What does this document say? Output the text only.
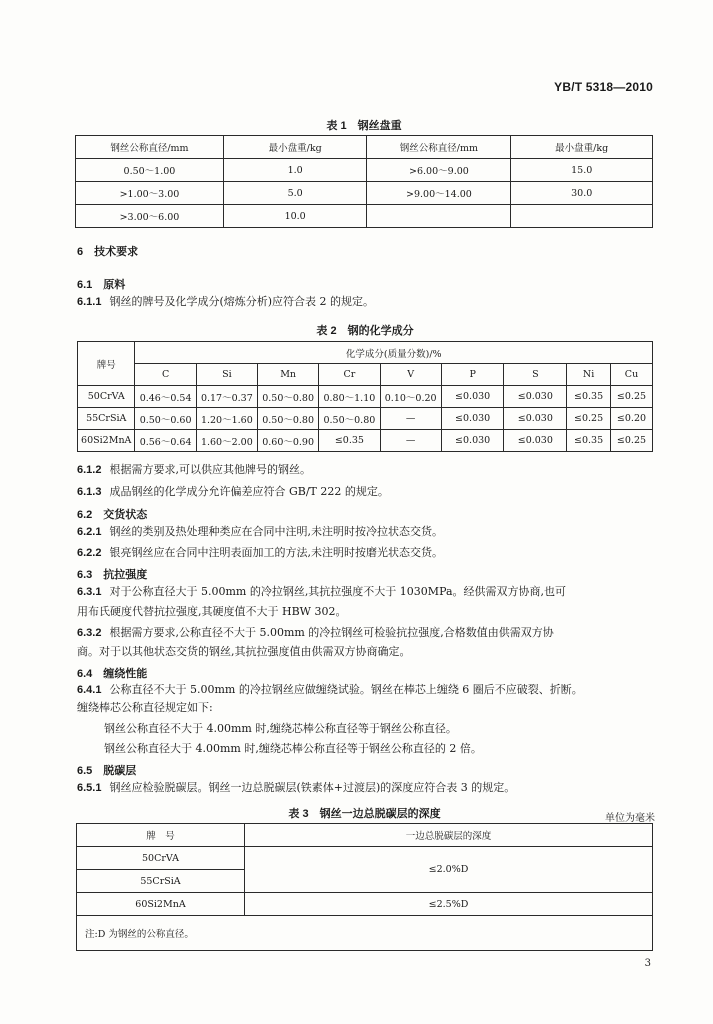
YB/T 5318—2010
表 1　钢丝盘重
钢丝公称直径/mm	最小盘重/kg	钢丝公称直径/mm	最小盘重/kg
0.50～1.00	1.0	>6.00～9.00	15.0
>1.00～3.00	5.0	>9.00～14.00	30.0
>3.00～6.00	10.0		
6　技术要求
6.1　原料
6.1.1 钢丝的牌号及化学成分(熔炼分析)应符合表 2 的规定。
表 2　钢的化学成分
牌号	化学成分(质量分数)/%								
	C	Si	Mn	Cr	V	P	S	Ni	Cu
50CrVA	0.46～0.54	0.17～0.37	0.50～0.80	0.80～1.10	0.10～0.20	≤0.030	≤0.030	≤0.35	≤0.25
55CrSiA	0.50～0.60	1.20～1.60	0.50～0.80	0.50～0.80	—	≤0.030	≤0.030	≤0.25	≤0.20
60Si2MnA	0.56～0.64	1.60～2.00	0.60～0.90	≤0.35	—	≤0.030	≤0.030	≤0.35	≤0.25
6.1.2 根据需方要求,可以供应其他牌号的钢丝。
6.1.3 成品钢丝的化学成分允许偏差应符合 GB/T 222 的规定。
6.2　交货状态
6.2.1 钢丝的类别及热处理种类应在合同中注明,未注明时按冷拉状态交货。
6.2.2 银亮钢丝应在合同中注明表面加工的方法,未注明时按磨光状态交货。
6.3　抗拉强度
6.3.1 对于公称直径大于 5.00mm 的冷拉钢丝,其抗拉强度不大于 1030MPa。经供需双方协商,也可
用布氏硬度代替抗拉强度,其硬度值不大于 HBW 302。
6.3.2 根据需方要求,公称直径不大于 5.00mm 的冷拉钢丝可检验抗拉强度,合格数值由供需双方协
商。对于以其他状态交货的钢丝,其抗拉强度值由供需双方协商确定。
6.4　缠绕性能
6.4.1 公称直径不大于 5.00mm 的冷拉钢丝应做缠绕试验。钢丝在棒芯上缠绕 6 圈后不应破裂、折断。
缠绕棒芯公称直径规定如下:
钢丝公称直径不大于 4.00mm 时,缠绕芯棒公称直径等于钢丝公称直径。
钢丝公称直径大于 4.00mm 时,缠绕芯棒公称直径等于钢丝公称直径的 2 倍。
6.5　脱碳层
6.5.1 钢丝应检验脱碳层。钢丝一边总脱碳层(铁素体+过渡层)的深度应符合表 3 的规定。
表 3　钢丝一边总脱碳层的深度	单位为毫米
牌　号	一边总脱碳层的深度
50CrVA	≤2.0%D
55CrSiA	
60Si2MnA	≤2.5%D
注:D 为钢丝的公称直径。	
3
